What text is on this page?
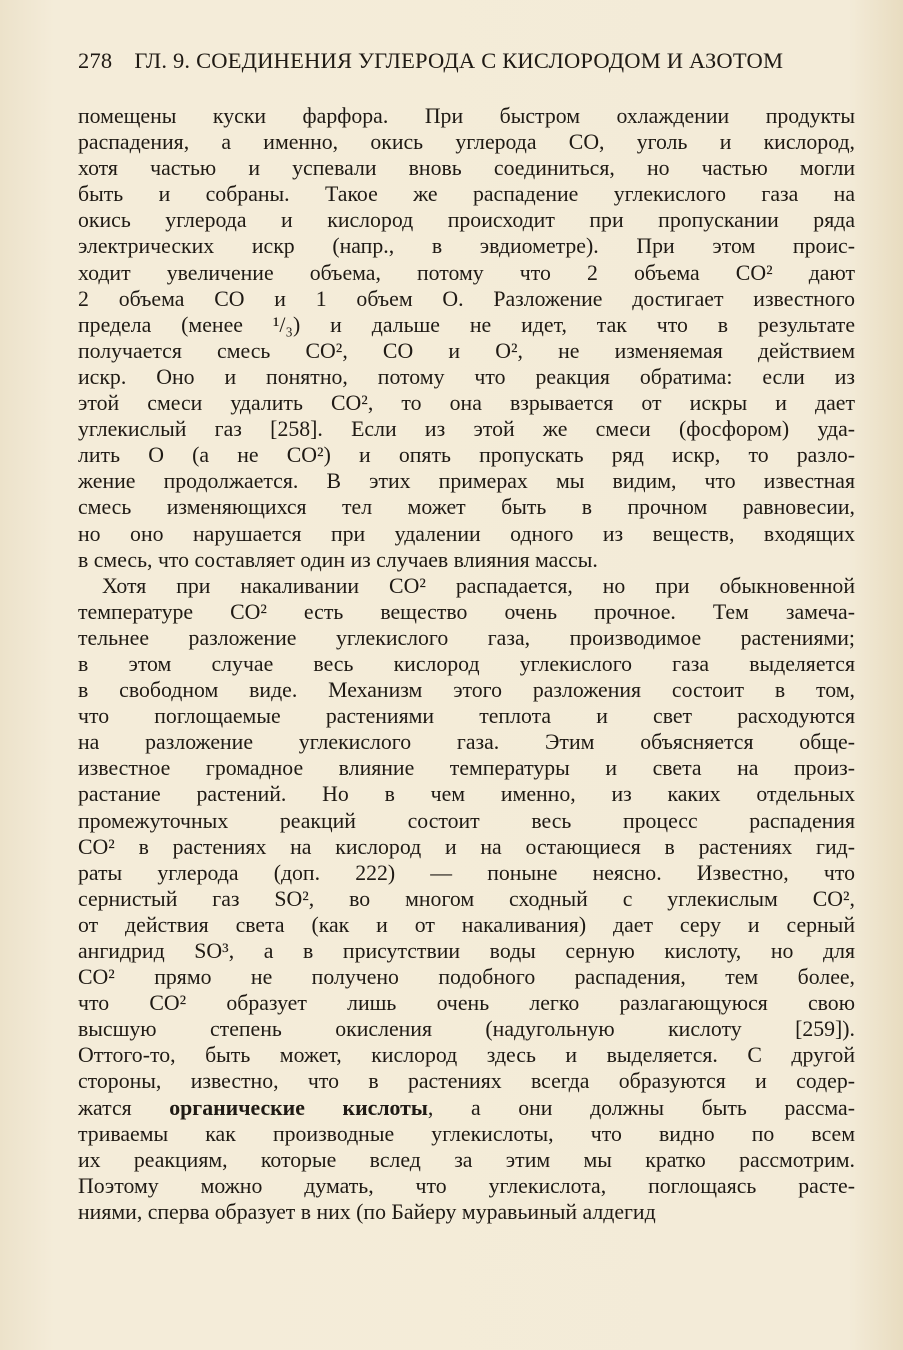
278 ГЛ. 9. СОЕДИНЕНИЯ УГЛЕРОДА С КИСЛОРОДОМ И АЗОТОМ
помещены куски фарфора. При быстром охлаждении продукты
распадения, а именно, окись углерода СО, уголь и кислород,
хотя частью и успевали вновь соединиться, но частью могли
быть и собраны. Такое же распадение углекислого газа на
окись углерода и кислород происходит при пропускании ряда
электрических искр (напр., в эвдиометре). При этом проис-
ходит увеличение объема, потому что 2 объема СО² дают
2 объема СО и 1 объем О. Разложение достигает известного
предела (менее ¹/₃) и дальше не идет, так что в результате
получается смесь СО², СО и О², не изменяемая действием
искр. Оно и понятно, потому что реакция обратима: если из
этой смеси удалить СО², то она взрывается от искры и дает
углекислый газ [258]. Если из этой же смеси (фосфором) уда-
лить О (а не СО²) и опять пропускать ряд искр, то разло-
жение продолжается. В этих примерах мы видим, что известная
смесь изменяющихся тел может быть в прочном равновесии,
но оно нарушается при удалении одного из веществ, входящих
в смесь, что составляет один из случаев влияния массы.
Хотя при накаливании СО² распадается, но при обыкновенной
температуре СО² есть вещество очень прочное. Тем замеча-
тельнее разложение углекислого газа, производимое растениями;
в этом случае весь кислород углекислого газа выделяется
в свободном виде. Механизм этого разложения состоит в том,
что поглощаемые растениями теплота и свет расходуются
на разложение углекислого газа. Этим объясняется обще-
известное громадное влияние температуры и света на произ-
растание растений. Но в чем именно, из каких отдельных
промежуточных реакций состоит весь процесс распадения
СО² в растениях на кислород и на остающиеся в растениях гид-
раты углерода (доп. 222) — поныне неясно. Известно, что
сернистый газ SO², во многом сходный с углекислым СО²,
от действия света (как и от накаливания) дает серу и серный
ангидрид SO³, а в присутствии воды серную кислоту, но для
СО² прямо не получено подобного распадения, тем более,
что СО² образует лишь очень легко разлагающуюся свою
высшую степень окисления (надугольную кислоту [259]).
Оттого-то, быть может, кислород здесь и выделяется. С другой
стороны, известно, что в растениях всегда образуются и содер-
жатся органические кислоты, а они должны быть рассма-
триваемы как производные углекислоты, что видно по всем
их реакциям, которые вслед за этим мы кратко рассмотрим.
Поэтому можно думать, что углекислота, поглощаясь расте-
ниями, сперва образует в них (по Байеру муравьиный алдегид
